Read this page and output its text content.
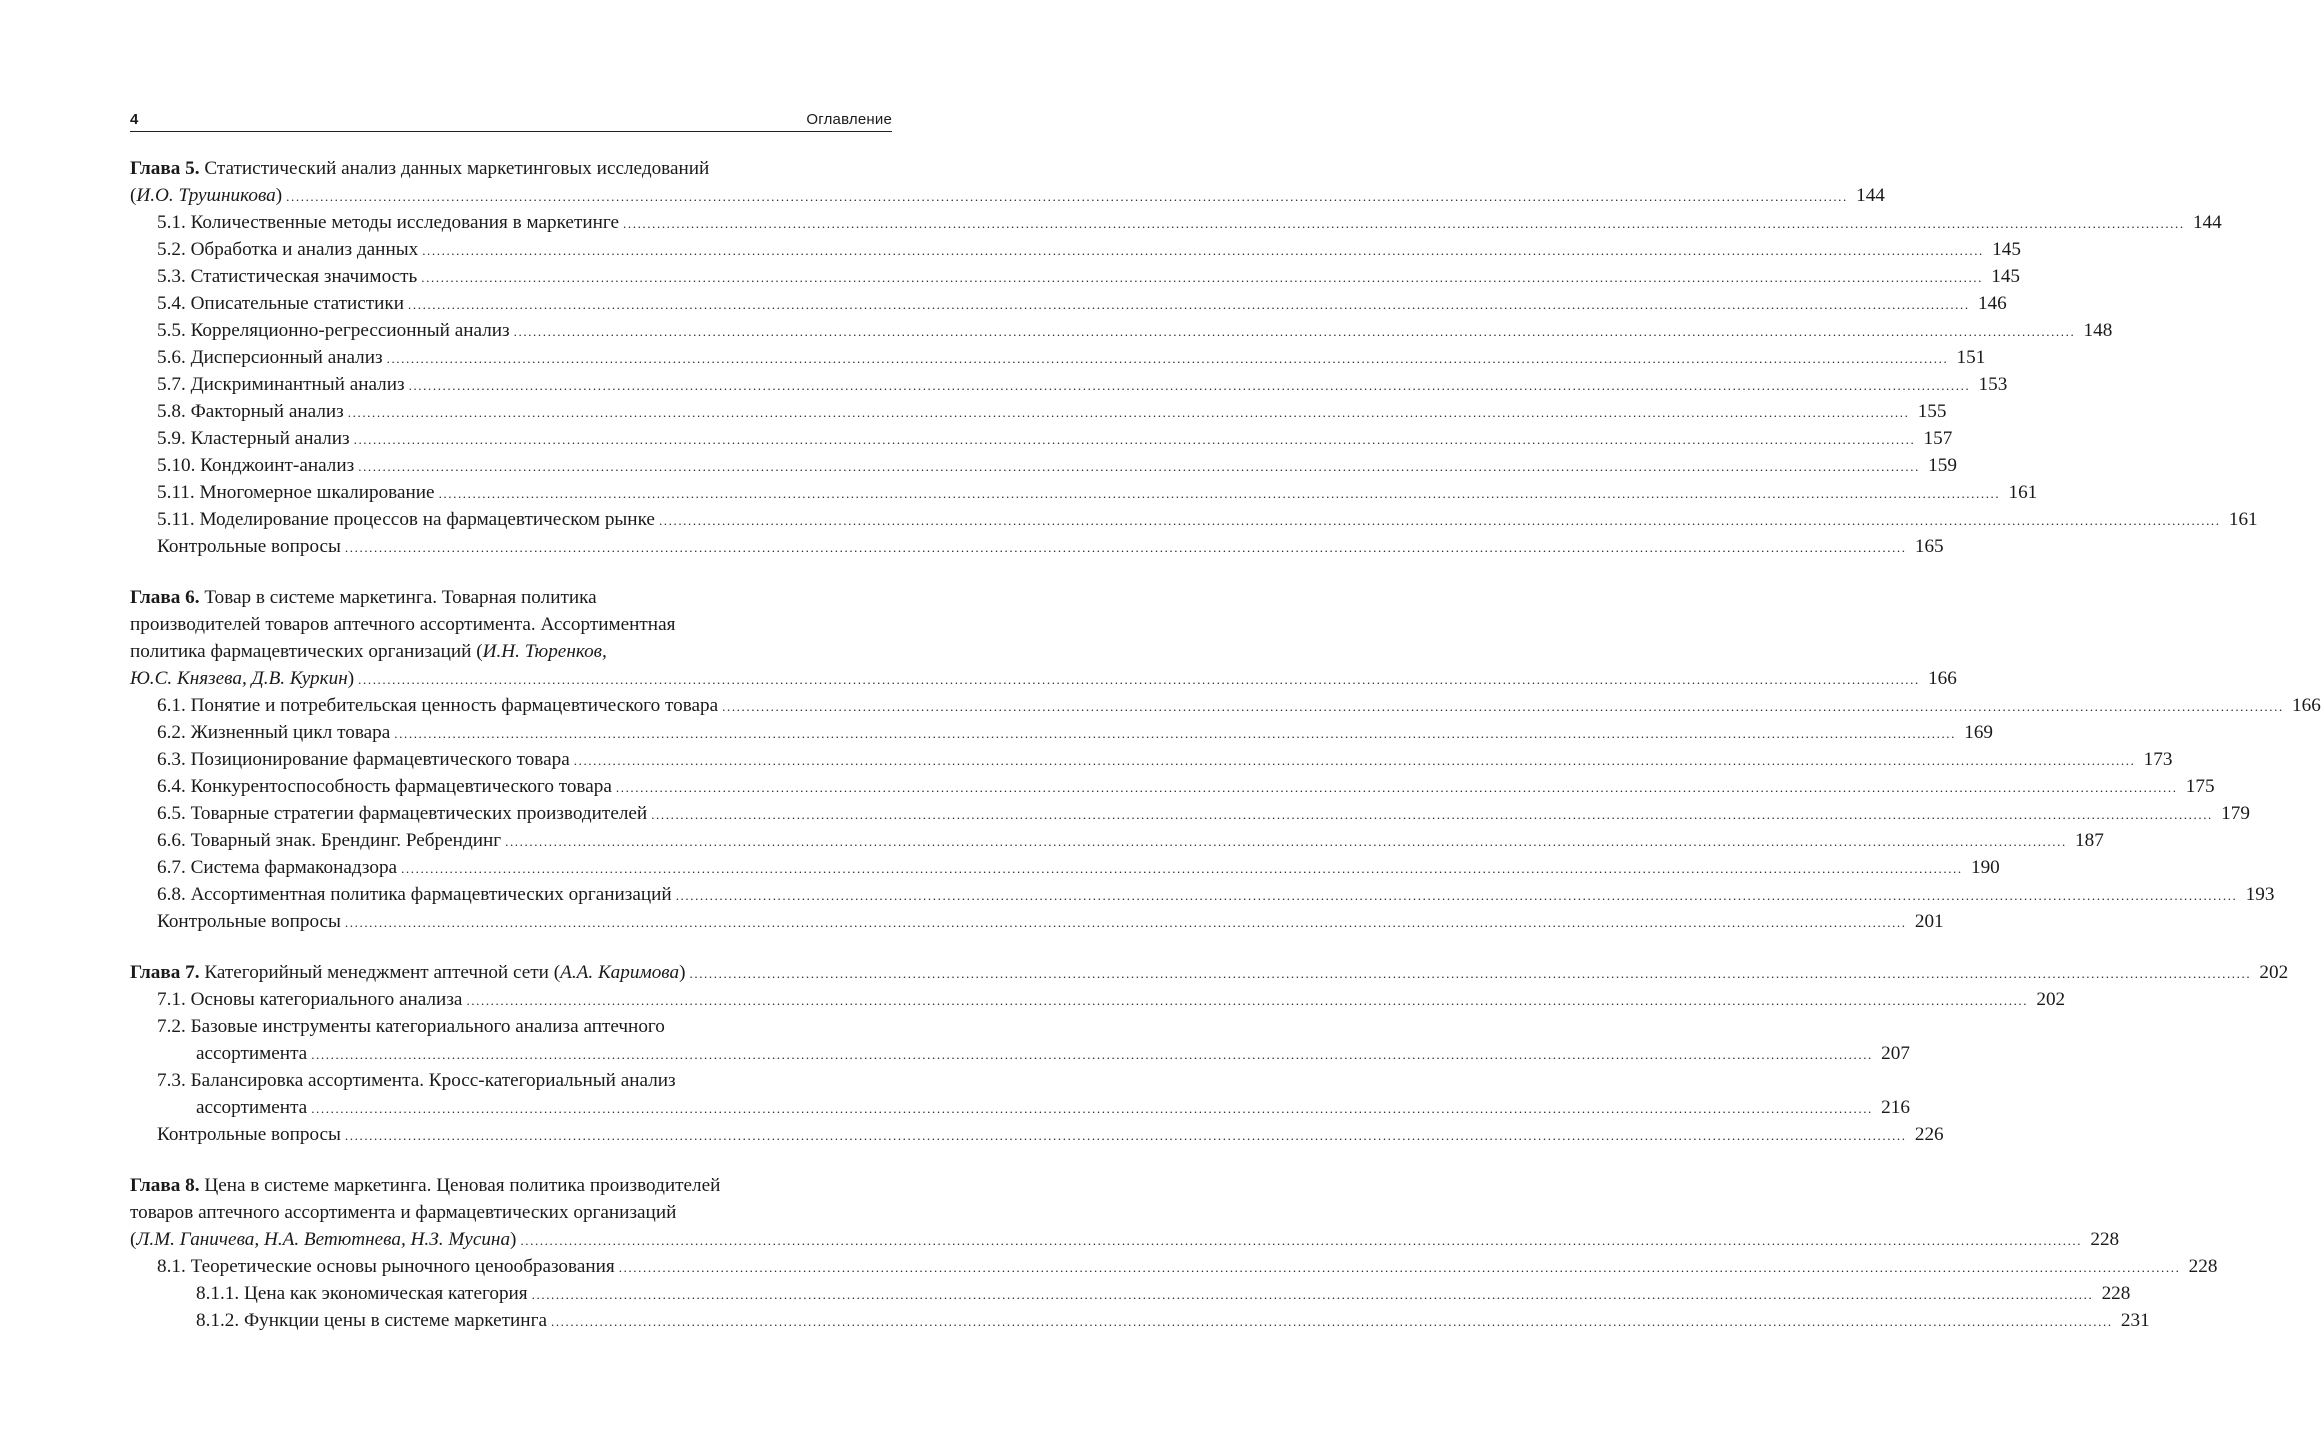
4	Оглавление
Глава 5. Статистический анализ данных маркетинговых исследований
(И.О. Трушникова) .....	144
5.1. Количественные методы исследования в маркетинге .....	144
5.2. Обработка и анализ данных .....	145
5.3. Статистическая значимость .....	145
5.4. Описательные статистики .....	146
5.5. Корреляционно-регрессионный анализ .....	148
5.6. Дисперсионный анализ .....	151
5.7. Дискриминантный анализ .....	153
5.8. Факторный анализ .....	155
5.9. Кластерный анализ .....	157
5.10. Конджоинт-анализ .....	159
5.11. Многомерное шкалирование .....	161
5.11. Моделирование процессов на фармацевтическом рынке .....	161
Контрольные вопросы .....	165
Глава 6. Товар в системе маркетинга. Товарная политика
производителей товаров аптечного ассортимента. Ассортиментная
политика фармацевтических организаций (И.Н. Тюренков,
Ю.С. Князева, Д.В. Куркин) .....	166
6.1. Понятие и потребительская ценность фармацевтического товара .....	166
6.2. Жизненный цикл товара .....	169
6.3. Позиционирование фармацевтического товара .....	173
6.4. Конкурентоспособность фармацевтического товара .....	175
6.5. Товарные стратегии фармацевтических производителей .....	179
6.6. Товарный знак. Брендинг. Ребрендинг .....	187
6.7. Система фармаконадзора .....	190
6.8. Ассортиментная политика фармацевтических организаций .....	193
Контрольные вопросы .....	201
Глава 7. Категорийный менеджмент аптечной сети (А.А. Каримова) .....	202
7.1. Основы категориального анализа .....	202
7.2. Базовые инструменты категориального анализа аптечного
ассортимента .....	207
7.3. Балансировка ассортимента. Кросс-категориальный анализ
ассортимента .....	216
Контрольные вопросы .....	226
Глава 8. Цена в системе маркетинга. Ценовая политика производителей
товаров аптечного ассортимента и фармацевтических организаций
(Л.М. Ганичева, Н.А. Ветютнева, Н.З. Мусина) .....	228
8.1. Теоретические основы рыночного ценообразования .....	228
8.1.1. Цена как экономическая категория .....	228
8.1.2. Функции цены в системе маркетинга .....	231
